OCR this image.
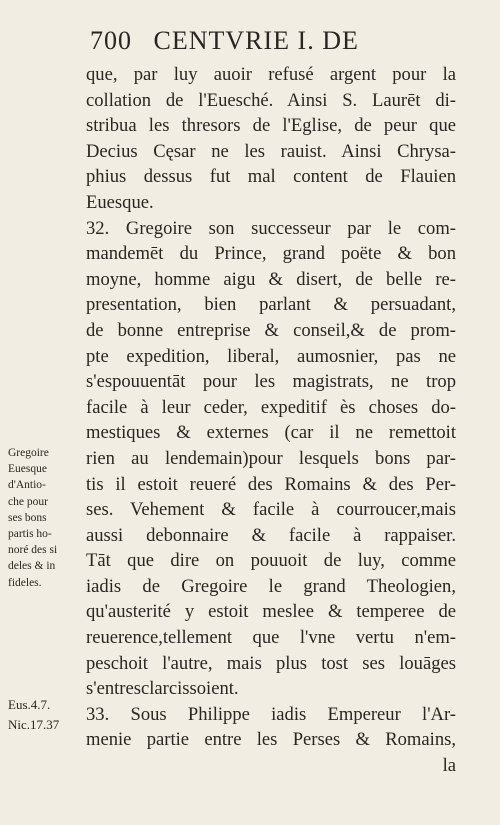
700 CENTVRIE I. DE
que, par luy auoir refusé argent pour la
collation de l'Euesché. Ainsi S. Laurēt di-
stribua les thresors de l'Eglise, de peur que
Decius Cęsar ne les rauist. Ainsi Chrysa-
phius dessus fut mal content de Flauien
Euesque.
32. Gregoire son successeur par le com-
mandemēt du Prince, grand poëte & bon
moyne, homme aigu & disert, de belle re-
presentation, bien parlant & persuadant,
de bonne entreprise & conseil,& de prom-
pte expedition, liberal, aumosnier, pas ne
s'espouuentāt pour les magistrats, ne trop
facile à leur ceder, expeditif ès choses do-
mestiques & externes (car il ne remettoit
rien au lendemain)pour lesquels bons par-
tis il estoit reueré des Romains & des Per-
ses. Vehement & facile à courroucer,mais
aussi debonnaire & facile à rappaiser.
Tāt que dire on pouuoit de luy, comme
iadis de Gregoire le grand Theologien,
qu'austerité y estoit meslee & temperee de
reuerence,tellement que l'vne vertu n'em-
peschoit l'autre, mais plus tost ses louāges
s'entresclarcissoient.
33. Sous Philippe iadis Empereur l'Ar-
menie partie entre les Perses & Romains,
la
Gregoire
Euesque
d'Antio-
che pour
ses bons
partis ho-
noré des si
deles & in
fideles.
Eus.4.7.
Nic.17.37
